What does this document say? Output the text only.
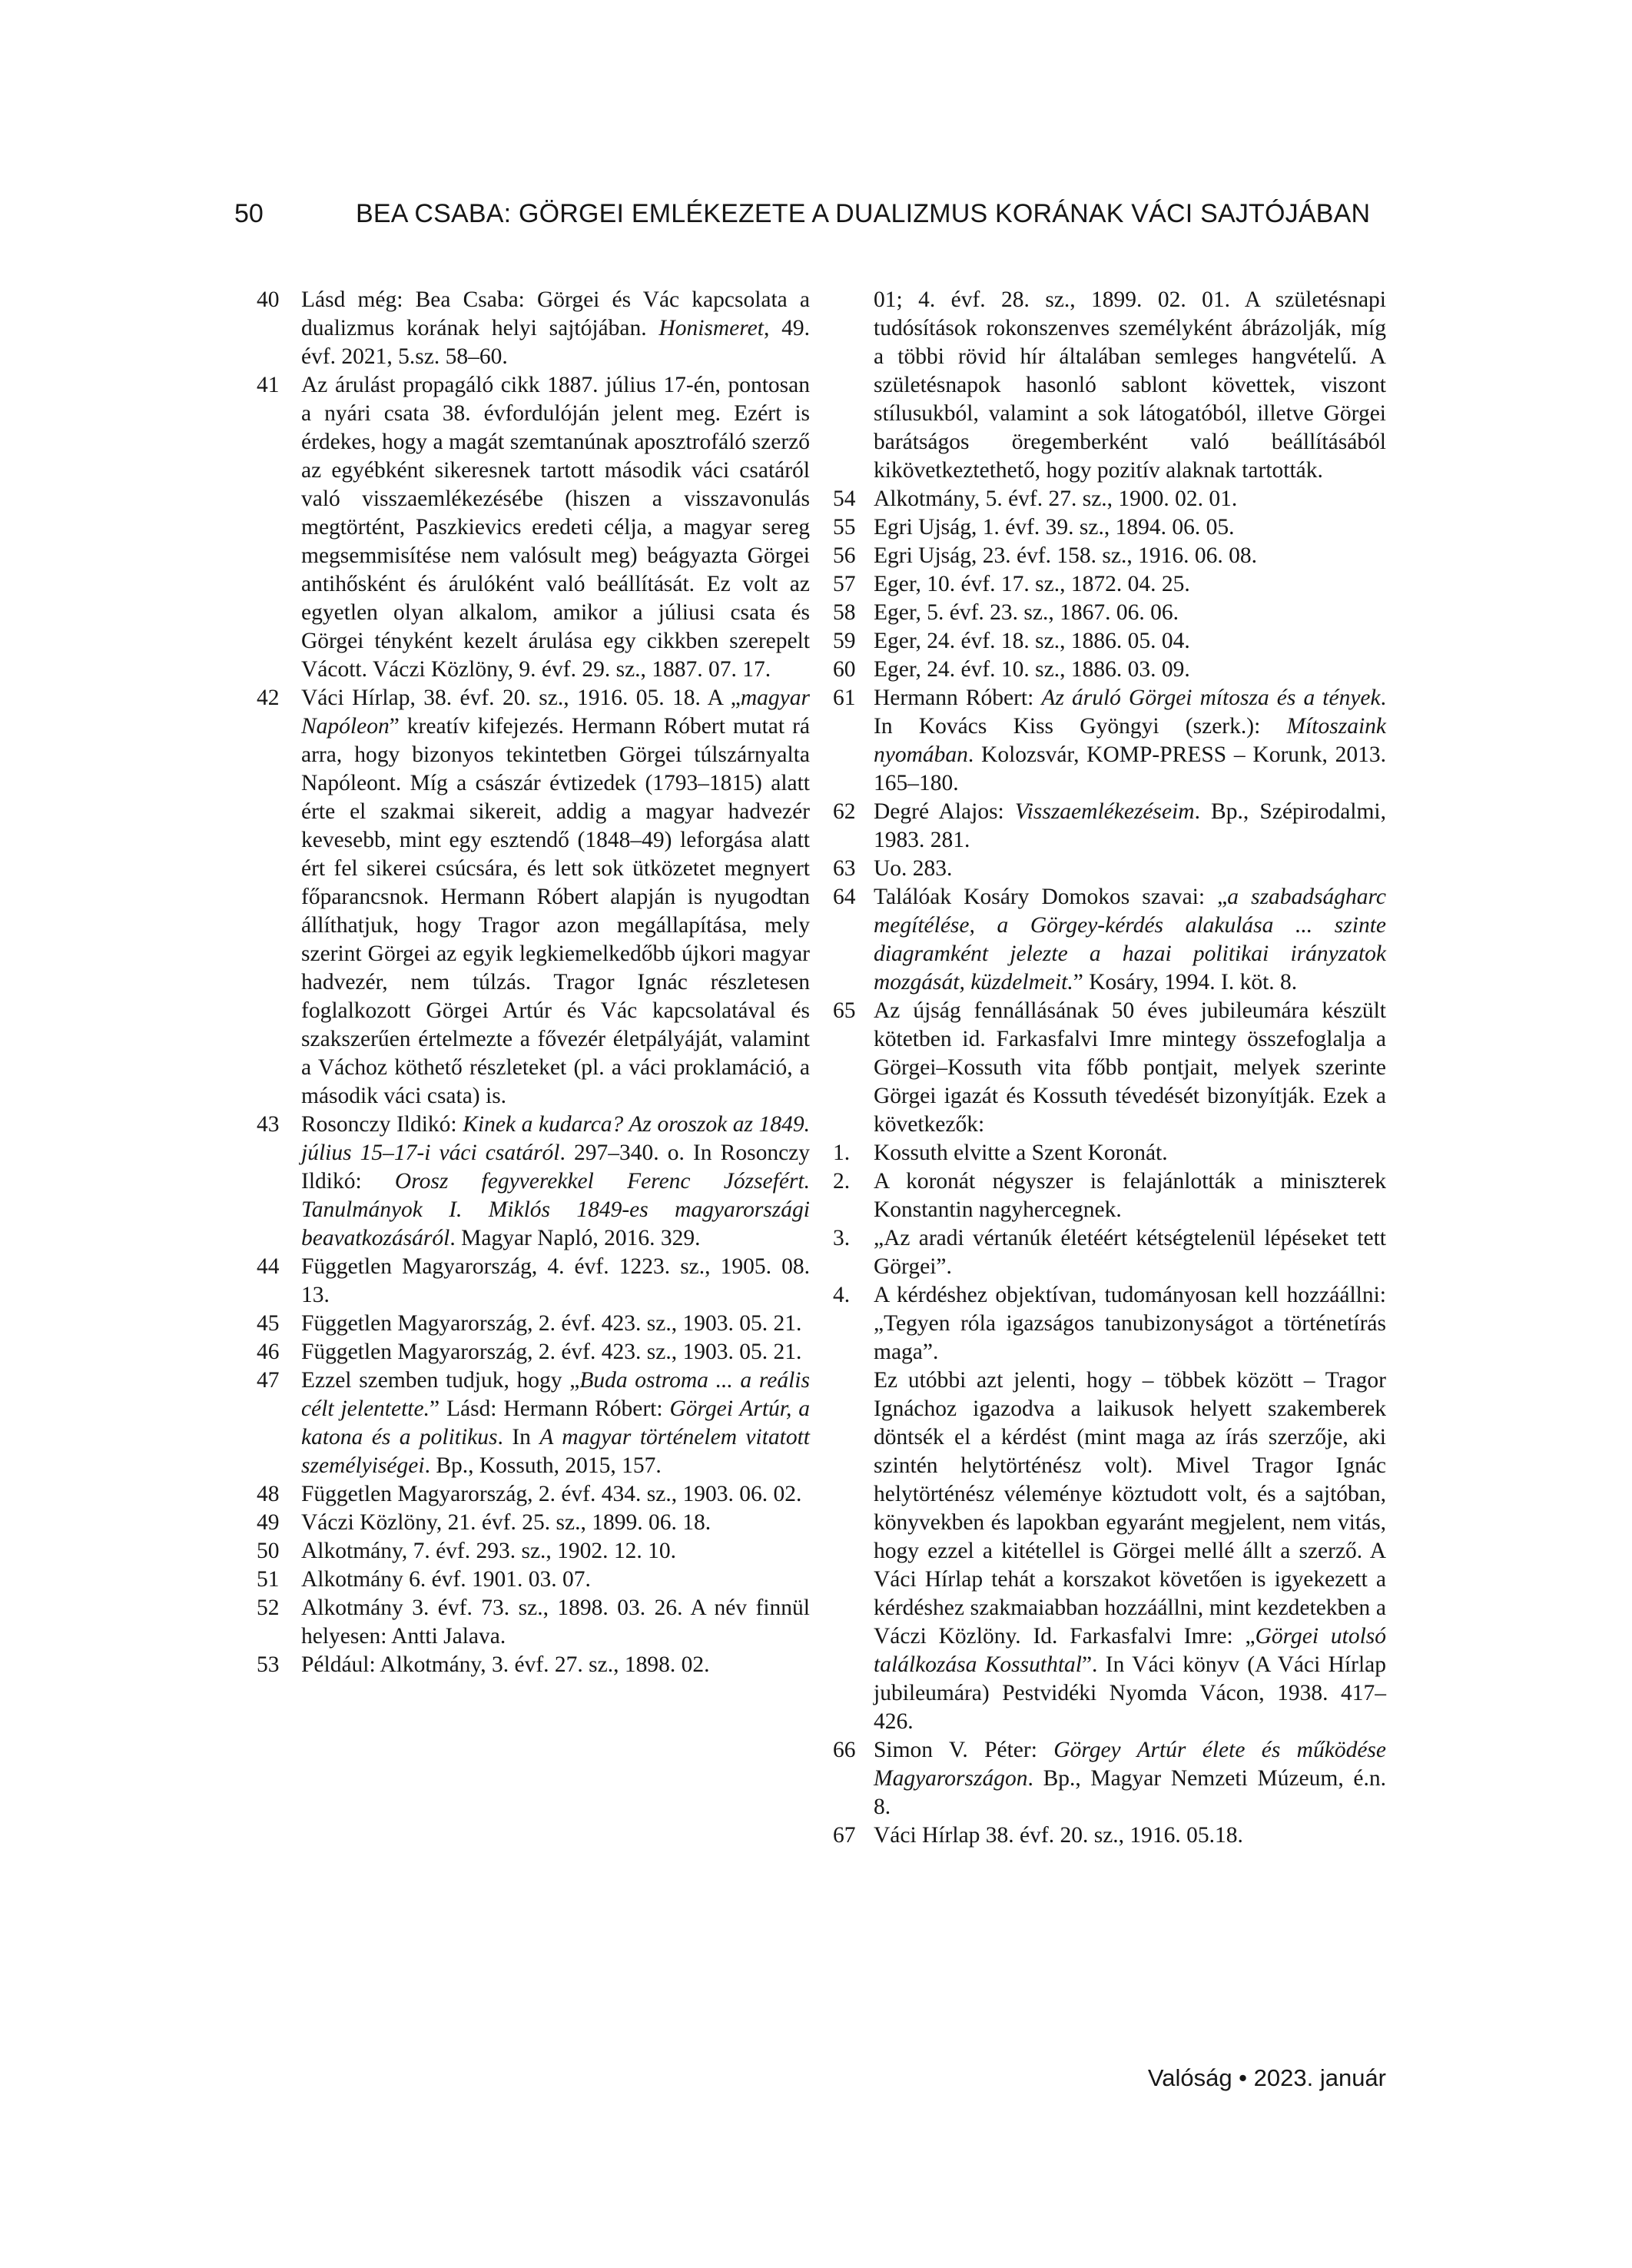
50	BEA CSABA: GÖRGEI EMLÉKEZETE A DUALIZMUS KORÁNAK VÁCI SAJTÓJÁBAN
40 Lásd még: Bea Csaba: Görgei és Vác kapcsolata a dualizmus korának helyi sajtójában. Honismeret, 49. évf. 2021, 5.sz. 58–60.

41 Az árulást propagáló cikk 1887. július 17-én, pontosan a nyári csata 38. évfordulóján jelent meg. Ezért is érdekes, hogy a magát szemtanúnak aposztrofáló szerző az egyébként sikeresnek tartott második váci csatáról való visszaemlékezésébe (hiszen a visszavonulás megtörtént, Paszkievics eredeti célja, a magyar sereg megsemmisítése nem valósult meg) beágyazta Görgei antihősként és árulóként való beállítását. Ez volt az egyetlen olyan alkalom, amikor a júliusi csata és Görgei tényként kezelt árulása egy cikkben szerepelt Vácott. Váczi Közlöny, 9. évf. 29. sz., 1887. 07. 17.

42 Váci Hírlap, 38. évf. 20. sz., 1916. 05. 18. A „magyar Napóleon” kreatív kifejezés. Hermann Róbert mutat rá arra, hogy bizonyos tekintetben Görgei túlszárnyalta Napóleont. Míg a császár évtizedek (1793–1815) alatt érte el szakmai sikereit, addig a magyar hadvezér kevesebb, mint egy esztendő (1848–49) leforgása alatt ért fel sikerei csúcsára, és lett sok ütközetet megnyert főparancsnok. Hermann Róbert alapján is nyugodtan állíthatjuk, hogy Tragor azon megállapítása, mely szerint Görgei az egyik legkiemelkedőbb újkori magyar hadvezér, nem túlzás. Tragor Ignác részletesen foglalkozott Görgei Artúr és Vác kapcsolatával és szakszerűen értelmezte a fővezér életpályáját, valamint a Váchoz köthető részleteket (pl. a váci proklamáció, a második váci csata) is.

43 Rosonczy Ildikó: Kinek a kudarca? Az oroszok az 1849. július 15–17-i váci csatáról. 297–340. o. In Rosonczy Ildikó: Orosz fegyverekkel Ferenc Józsefért. Tanulmányok I. Miklós 1849-es magyarországi beavatkozásáról. Magyar Napló, 2016. 329.

44 Független Magyarország, 4. évf. 1223. sz., 1905. 08. 13.

45 Független Magyarország, 2. évf. 423. sz., 1903. 05. 21.

46 Független Magyarország, 2. évf. 423. sz., 1903. 05. 21.

47 Ezzel szemben tudjuk, hogy „Buda ostroma ... a reális célt jelentette.” Lásd: Hermann Róbert: Görgei Artúr, a katona és a politikus. In A magyar történelem vitatott személyiségei. Bp., Kossuth, 2015, 157.

48 Független Magyarország, 2. évf. 434. sz., 1903. 06. 02.

49 Váczi Közlöny, 21. évf. 25. sz., 1899. 06. 18.

50 Alkotmány, 7. évf. 293. sz., 1902. 12. 10.

51 Alkotmány 6. évf. 1901. 03. 07.

52 Alkotmány 3. évf. 73. sz., 1898. 03. 26. A név finnül helyesen: Antti Jalava.

53 Például: Alkotmány, 3. évf. 27. sz., 1898. 02.

01; 4. évf. 28. sz., 1899. 02. 01. A születésnapi tudósítások rokonszenves személyként ábrázolják, míg a többi rövid hír általában semleges hangvételű. A születésnapok hasonló sablont követtek, viszont stílusukból, valamint a sok látogatóból, illetve Görgei barátságos öregemberként való beállításából kikövetkeztethető, hogy pozitív alaknak tartották.

54 Alkotmány, 5. évf. 27. sz., 1900. 02. 01.

55 Egri Ujság, 1. évf. 39. sz., 1894. 06. 05.

56 Egri Ujság, 23. évf. 158. sz., 1916. 06. 08.

57 Eger, 10. évf. 17. sz., 1872. 04. 25.

58 Eger, 5. évf. 23. sz., 1867. 06. 06.

59 Eger, 24. évf. 18. sz., 1886. 05. 04.

60 Eger, 24. évf. 10. sz., 1886. 03. 09.

61 Hermann Róbert: Az áruló Görgei mítosza és a tények. In Kovács Kiss Gyöngyi (szerk.): Mítoszaink nyomában. Kolozsvár, KOMP-PRESS – Korunk, 2013. 165–180.

62 Degré Alajos: Visszaemlékezéseim. Bp., Szépirodalmi, 1983. 281.

63 Uo. 283.

64 Találóak Kosáry Domokos szavai: „a szabadságharc megítélése, a Görgey-kérdés alakulása ... szinte diagramként jelezte a hazai politikai irányzatok mozgását, küzdelmeit.” Kosáry, 1994. I. köt. 8.

65 Az újság fennállásának 50 éves jubileumára készült kötetben id. Farkasfalvi Imre mintegy összefoglalja a Görgei–Kossuth vita főbb pontjait, melyek szerinte Görgei igazát és Kossuth tévedését bizonyítják. Ezek a következők:

1.	Kossuth elvitte a Szent Koronát.

2.	A koronát négyszer is felajánlották a miniszterek Konstantin nagyhercegnek.

3.	„Az aradi vértanúk életéért kétségtelenül lépéseket tett Görgei”.

4.	A kérdéshez objektívan, tudományosan kell hozzáállni: „Tegyen róla igazságos tanubizonyságot a történetírás maga”.

Ez utóbbi azt jelenti, hogy – többek között – Tragor Ignáchoz igazodva a laikusok helyett szakemberek döntsék el a kérdést (mint maga az írás szerzője, aki szintén helytörténész volt). Mivel Tragor Ignác helytörténész véleménye köztudott volt, és a sajtóban, könyvekben és lapokban egyaránt megjelent, nem vitás, hogy ezzel a kitétellel is Görgei mellé állt a szerző. A Váci Hírlap tehát a korszakot követően is igyekezett a kérdéshez szakmaiabban hozzáállni, mint kezdetekben a Váczi Közlöny. Id. Farkasfalvi Imre: „Görgei utolsó találkozása Kossuthtal”. In Váci könyv (A Váci Hírlap jubileumára) Pestvidéki Nyomda Vácon, 1938. 417–426.

66 Simon V. Péter: Görgey Artúr élete és működése Magyarországon. Bp., Magyar Nemzeti Múzeum, é.n. 8.

67 Váci Hírlap 38. évf. 20. sz., 1916. 05.18.

Valóság • 2023. január
